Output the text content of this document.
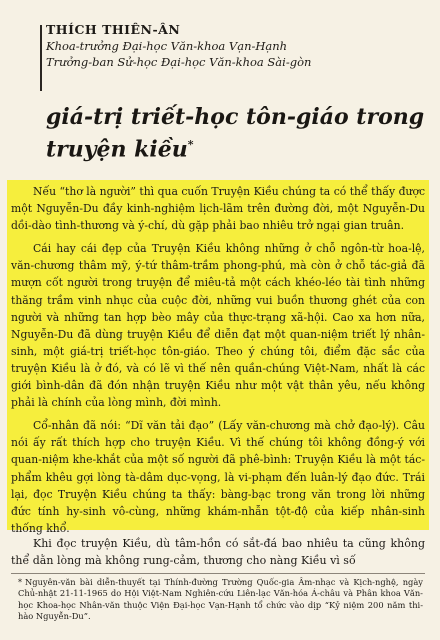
THÍCH THIÊN-ÂN
Khoa-trưởng Đại-học Văn-khoa Vạn-Hạnh
Trưởng-ban Sử-học Đại-học Văn-khoa Sài-gòn
giá-trị triết-học tôn-giáo trong
truyện kiều*

Nếu “thơ là người” thì qua cuốn Truyện Kiều chúng ta có thể thấy được một Nguyễn-Du đầy kinh-nghiệm lịch-lãm trên đường đời, một Nguyễn-Du dồi-dào tình-thương và ý-chí, dù gặp phải bao nhiêu trở ngại gian truân.

Cái hay cái đẹp của Truyện Kiều không những ở chỗ ngôn-từ hoa-lệ, văn-chương thâm mỹ, ý-tứ thâm-trầm phong-phú, mà còn ở chỗ tác-giả đã mượn cốt người trong truyện để miêu-tả một cách khéo-léo tài tình những thăng trầm vinh nhục của cuộc đời, những vui buồn thương ghét của con người và những tan hợp bèo mây của thực-trạng xã-hội. Cao xa hơn nữa, Nguyễn-Du đã dùng truyện Kiều để diễn đạt một quan-niệm triết lý nhân-sinh, một giá-trị triết-học tôn-giáo. Theo ý chúng tôi, điểm đặc sắc của truyện Kiều là ở đó, và có lẽ vì thế nên quần-chúng Việt-Nam, nhất là các giới bình-dân đã đón nhận truyện Kiều như một vật thân yêu, nếu không phải là chính của lòng mình, đời mình.

Cổ-nhân đã nói: “Dĩ văn tải đạo” (Lấy văn-chương mà chở đạo-lý). Câu nói ấy rất thích hợp cho truyện Kiều. Vì thế chúng tôi không đồng-ý với quan-niệm khe-khắt của một số người đã phê-bình: Truyện Kiều là một tác-phẩm khêu gợi lòng tà-dâm dục-vọng, là vi-phạm đến luân-lý đạo đức. Trái lại, đọc Truyện Kiều chúng ta thấy: bàng-bạc trong văn trong lời những đức tính hy-sinh vô-cùng, những khám-nhẫn tột-độ của kiếp nhân-sinh thống khổ.

Khi đọc truyện Kiều, dù tâm-hồn có sắt-đá bao nhiêu ta cũng không thể dằn lòng mà không rung-cảm, thương cho nàng Kiều vì số

* Nguyên-văn bài diễn-thuyết tại Thính-đường Trường Quốc-gia Âm-nhạc và Kịch-nghệ, ngày Chủ-nhật 21-11-1965 do Hội Việt-Nam Nghiên-cứu Liên-lạc Văn-hóa Á-châu và Phân khoa Văn-học Khoa-học Nhân-văn thuộc Viện Đại-học Vạn-Hạnh tổ chức vào dịp “Kỷ niệm 200 năm thi-hào Nguyễn-Du”.
